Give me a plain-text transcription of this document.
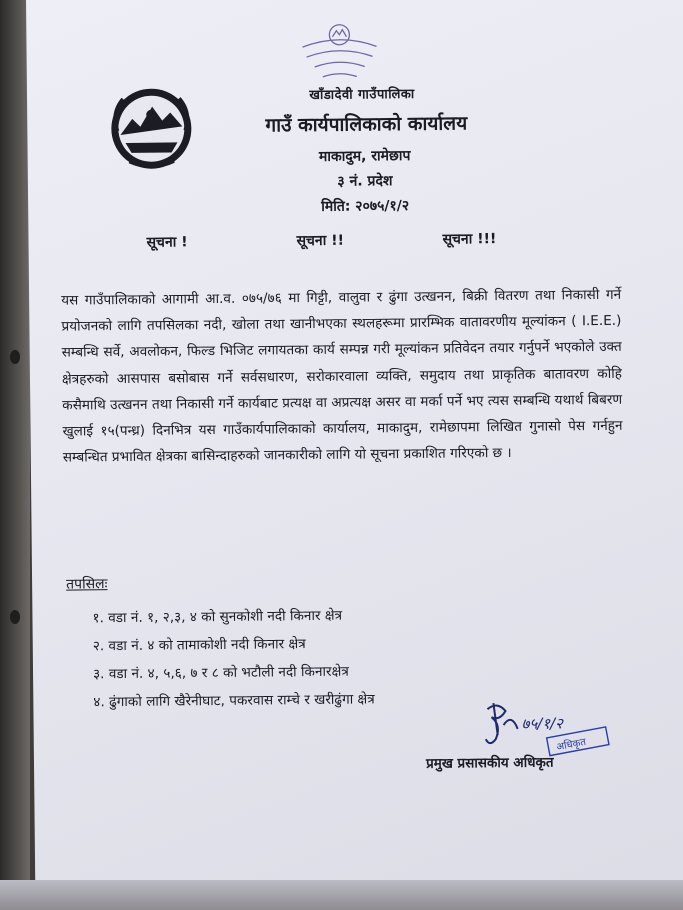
खाँडादेवी गाउँपालिका
गाउँ कार्यपालिकाको कार्यालय
माकादुम, रामेछाप
३ नं. प्रदेश
मिति: २०७५/१/२
सूचना !	सूचना !!	सूचना !!!
यस गाउँपालिकाको आगामी आ.व. ०७५/७६ मा गिट्टी, वालुवा र ढुंगा उत्खनन, बिक्री वितरण तथा निकासी गर्ने प्रयोजनको लागि तपसिलका नदी, खोला तथा खानीभएका स्थलहरूमा प्रारम्भिक वातावरणीय मूल्यांकन ( I.E.E.) सम्बन्धि सर्वे, अवलोकन, फिल्ड भिजिट लगायतका कार्य सम्पन्न गरी मूल्यांकन प्रतिवेदन तयार गर्नुपर्ने भएकोले उक्त क्षेत्रहरुको आसपास बसोबास गर्ने सर्वसधारण, सरोकारवाला व्यक्ति, समुदाय तथा प्राकृतिक बातावरण कोहि कसैमाथि उत्खनन तथा निकासी गर्ने कार्यबाट प्रत्यक्ष वा अप्रत्यक्ष असर वा मर्का पर्ने भए त्यस सम्बन्धि यथार्थ बिबरण खुलाई १५(पन्ध्र) दिनभित्र यस गाउँकार्यपालिकाको कार्यालय, माकादुम, रामेछापमा लिखित गुनासो पेस गर्नहुन सम्बन्धित प्रभावित क्षेत्रका बासिन्दाहरुको जानकारीको लागि यो सूचना प्रकाशित गरिएको छ ।
तपसिलः
१. वडा नं. १, २,३, ४ को सुनकोशी नदी किनार क्षेत्र
२. वडा नं. ४ को तामाकोशी नदी किनार क्षेत्र
३. वडा नं. ४, ५,६, ७ र ८ को भटौली नदी किनारक्षेत्र
४. ढुंगाको लागि खैरेनीघाट, पकरवास राम्चे र खरीढुंगा क्षेत्र
७५/१/२
अधिकृत
प्रमुख प्रसासकीय अधिकृत
